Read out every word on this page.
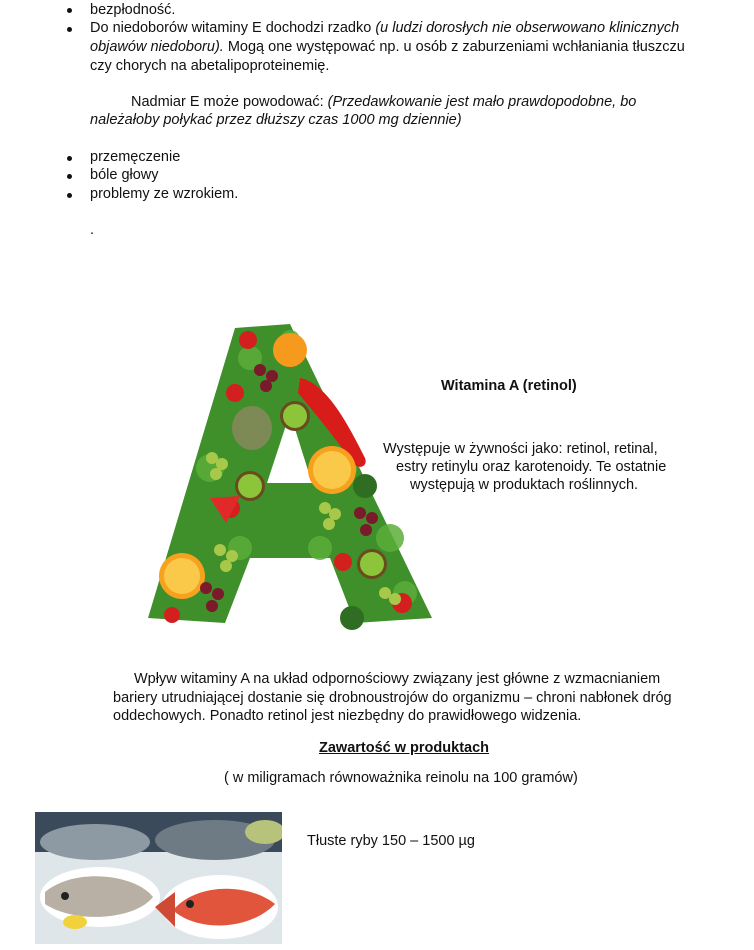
bezpłodność.
Do niedoborów witaminy E dochodzi rzadko (u ludzi dorosłych nie obserwowano klinicznych
objawów niedoboru). Mogą one występować np. u osób z zaburzeniami wchłaniania tłuszczu
czy chorych na abetalipoproteinemię.
Nadmiar E może powodować: (Przedawkowanie jest mało prawdopodobne, bo
należałoby połykać przez dłuższy czas 1000 mg dziennie)
przemęczenie
bóle głowy
problemy ze wzrokiem.
.
Witamina A (retinol)
Występuje w żywności jako: retinol, retinal,
estry retinylu oraz karotenoidy. Te ostatnie
występują w produktach roślinnych.
Wpływ witaminy A na układ odpornościowy związany jest główne z wzmacnianiem
bariery utrudniającej dostanie się drobnoustrojów do organizmu – chroni nabłonek dróg
oddechowych. Ponadto retinol jest niezbędny do prawidłowego widzenia.
Zawartość w produktach
( w miligramach równoważnika reinolu na 100 gramów)
Tłuste ryby 150 – 1500 µg
